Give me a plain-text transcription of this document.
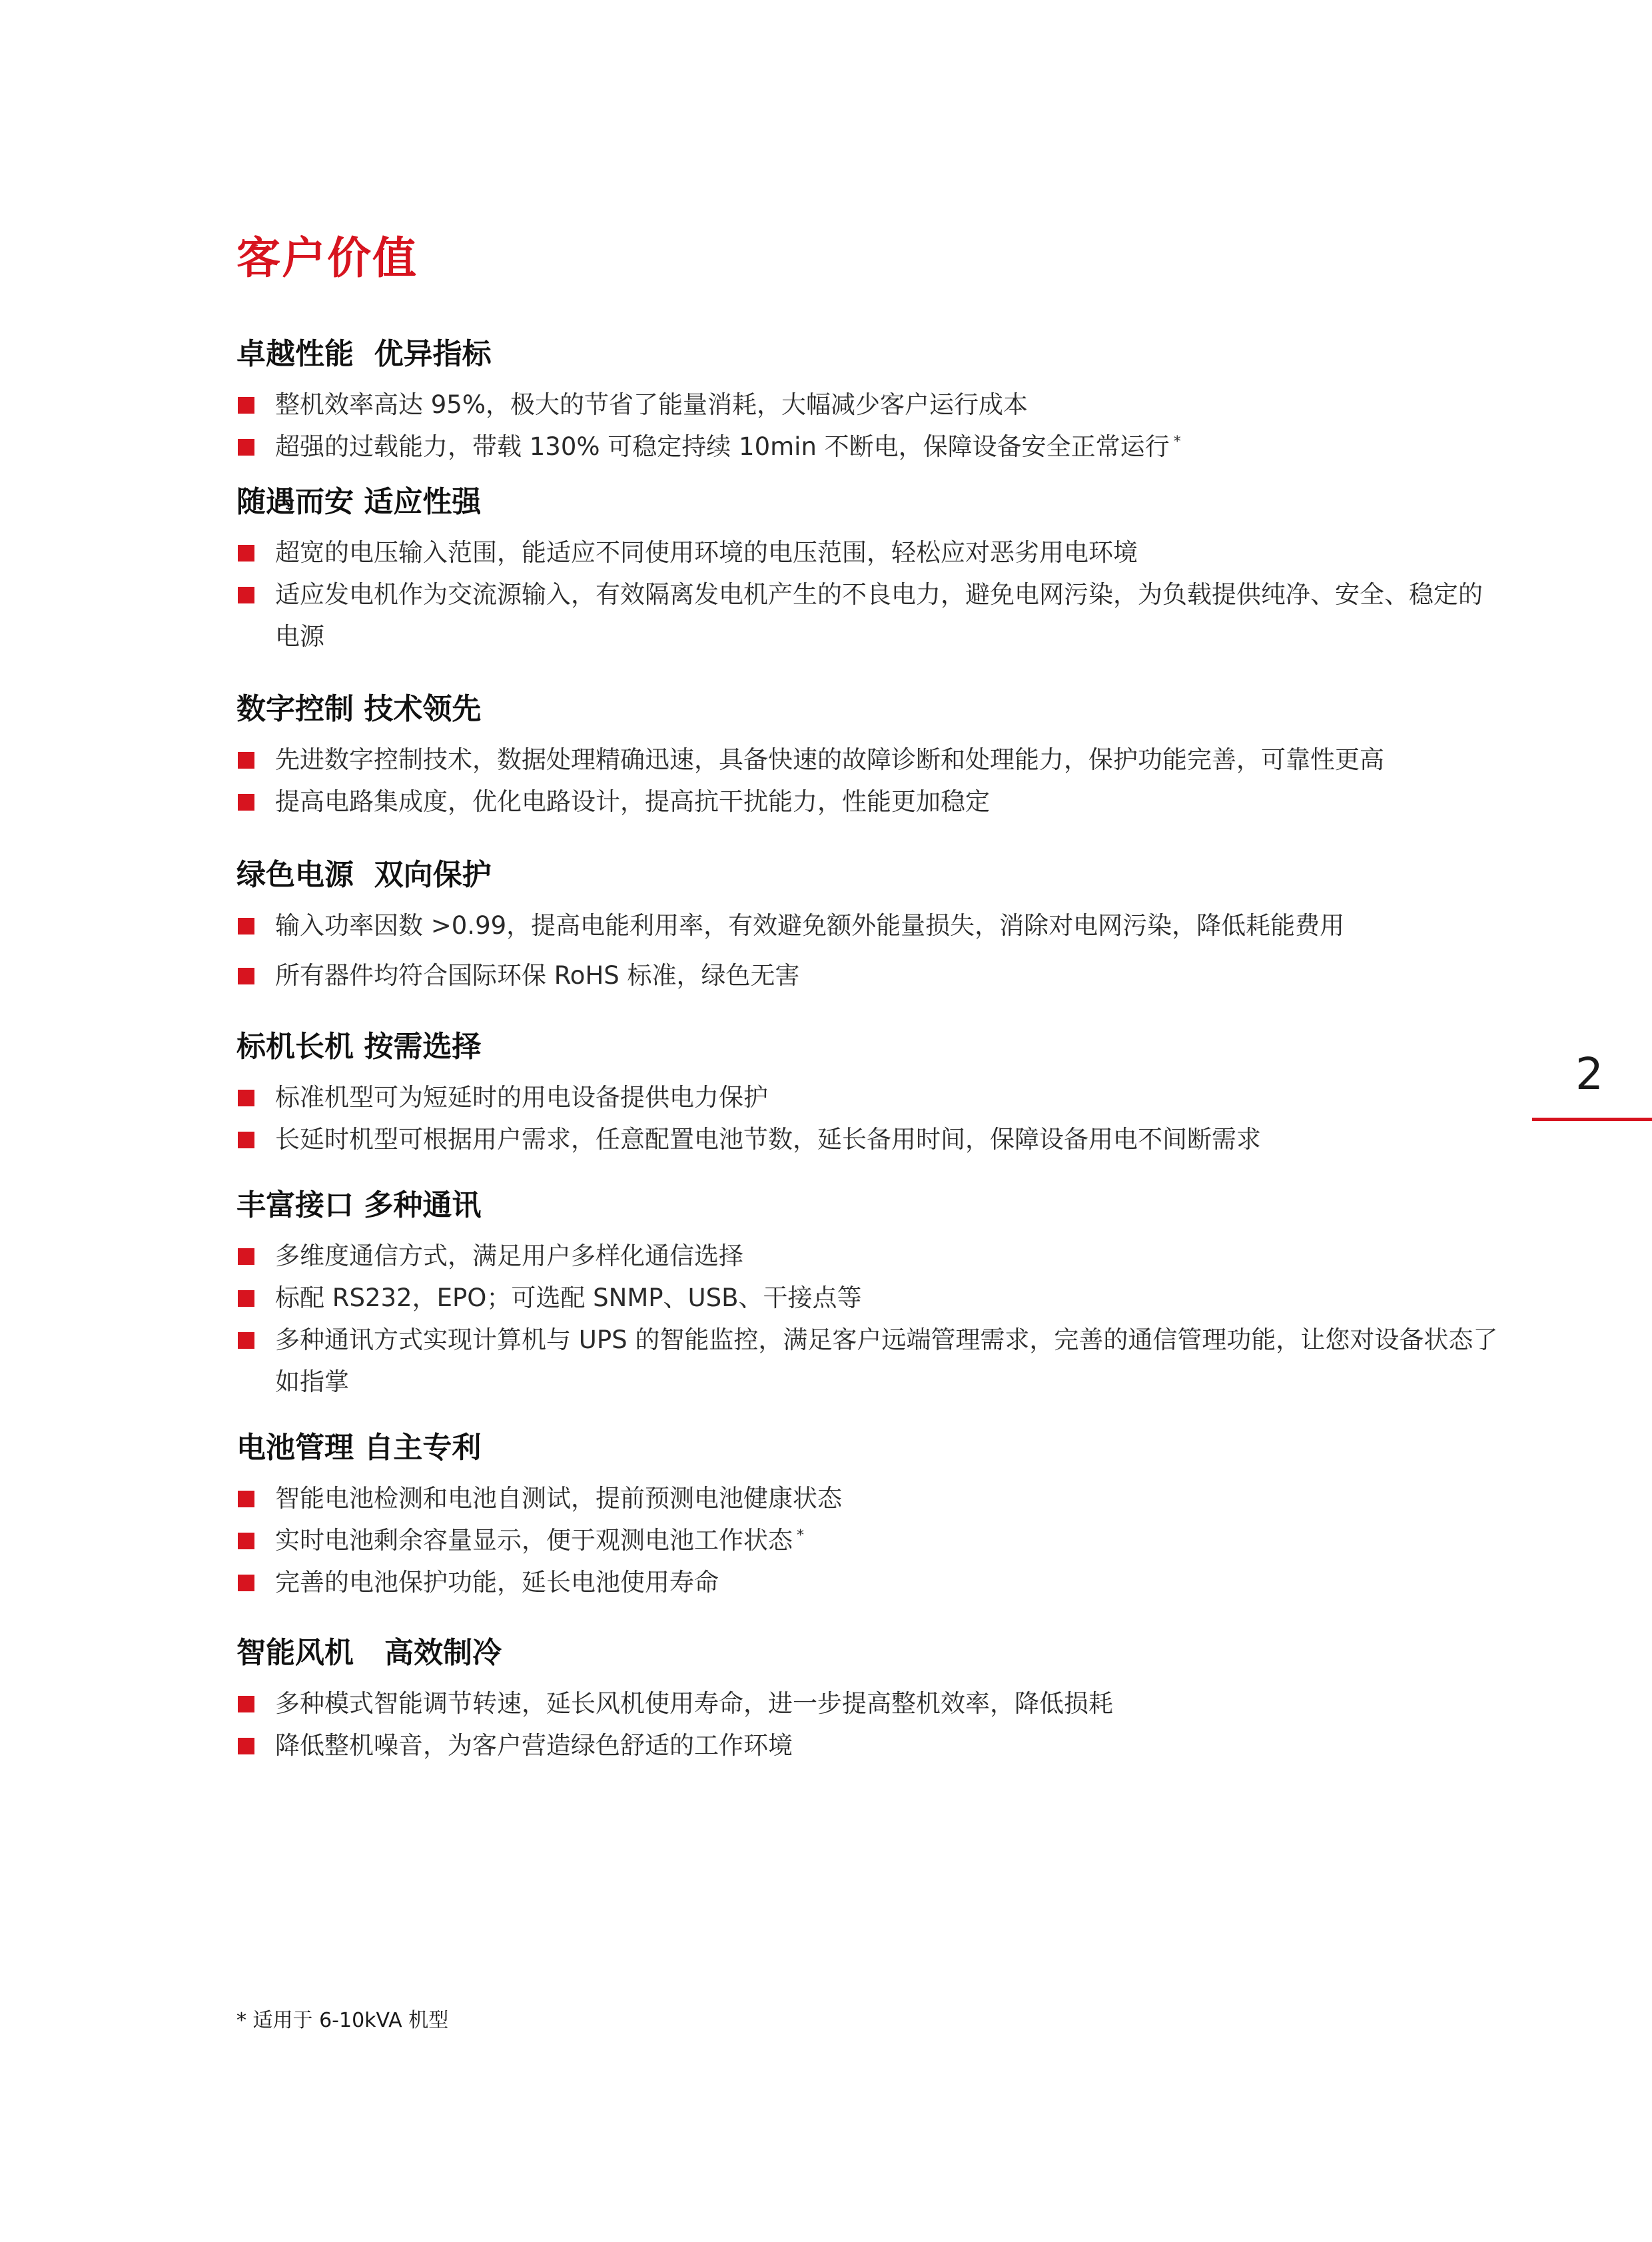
客户价值
卓越性能  优异指标
整机效率高达 95%，极大的节省了能量消耗，大幅减少客户运行成本
超强的过载能力，带载 130% 可稳定持续 10min 不断电，保障设备安全正常运行 *
随遇而安 适应性强
超宽的电压输入范围，能适应不同使用环境的电压范围，轻松应对恶劣用电环境
适应发电机作为交流源输入，有效隔离发电机产生的不良电力，避免电网污染，为负载提供纯净、安全、稳定的电源
数字控制 技术领先
先进数字控制技术，数据处理精确迅速，具备快速的故障诊断和处理能力，保护功能完善，可靠性更高
提高电路集成度，优化电路设计，提高抗干扰能力，性能更加稳定
绿色电源  双向保护
输入功率因数 >0.99，提高电能利用率，有效避免额外能量损失，消除对电网污染，降低耗能费用
所有器件均符合国际环保 RoHS 标准，绿色无害
标机长机 按需选择
标准机型可为短延时的用电设备提供电力保护
长延时机型可根据用户需求，任意配置电池节数，延长备用时间，保障设备用电不间断需求
丰富接口 多种通讯
多维度通信方式，满足用户多样化通信选择
标配 RS232，EPO；可选配 SNMP、USB、干接点等
多种通讯方式实现计算机与 UPS 的智能监控，满足客户远端管理需求，完善的通信管理功能，让您对设备状态了如指掌
电池管理 自主专利
智能电池检测和电池自测试，提前预测电池健康状态
实时电池剩余容量显示，便于观测电池工作状态 *
完善的电池保护功能，延长电池使用寿命
智能风机   高效制冷
多种模式智能调节转速，延长风机使用寿命，进一步提高整机效率，降低损耗
降低整机噪音，为客户营造绿色舒适的工作环境
2
* 适用于 6-10kVA 机型
